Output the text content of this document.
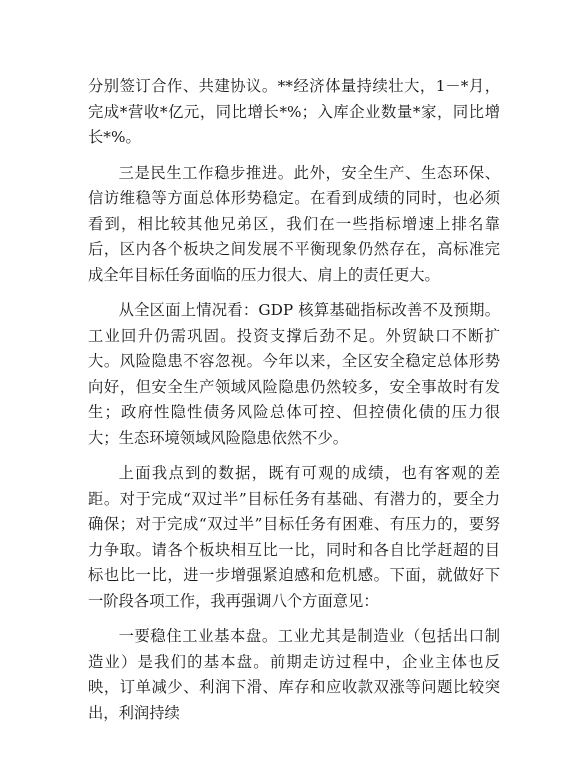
分别签订合作、共建协议。**经济体量持续壮大，1－*月，完成*营收*亿元，同比增长*%；入库企业数量*家，同比增长*%。

三是民生工作稳步推进。此外，安全生产、生态环保、信访维稳等方面总体形势稳定。在看到成绩的同时，也必须看到，相比较其他兄弟区，我们在一些指标增速上排名靠后，区内各个板块之间发展不平衡现象仍然存在，高标准完成全年目标任务面临的压力很大、肩上的责任更大。

从全区面上情况看：GDP 核算基础指标改善不及预期。工业回升仍需巩固。投资支撑后劲不足。外贸缺口不断扩大。风险隐患不容忽视。今年以来，全区安全稳定总体形势向好，但安全生产领域风险隐患仍然较多，安全事故时有发生；政府性隐性债务风险总体可控、但控债化债的压力很大；生态环境领域风险隐患依然不少。

上面我点到的数据，既有可观的成绩，也有客观的差距。对于完成“双过半”目标任务有基础、有潜力的，要全力确保；对于完成“双过半”目标任务有困难、有压力的，要努力争取。请各个板块相互比一比，同时和各自比学赶超的目标也比一比，进一步增强紧迫感和危机感。下面，就做好下一阶段各项工作，我再强调八个方面意见：

一要稳住工业基本盘。工业尤其是制造业（包括出口制造业）是我们的基本盘。前期走访过程中，企业主体也反映，订单减少、利润下滑、库存和应收款双涨等问题比较突出，利润持续
